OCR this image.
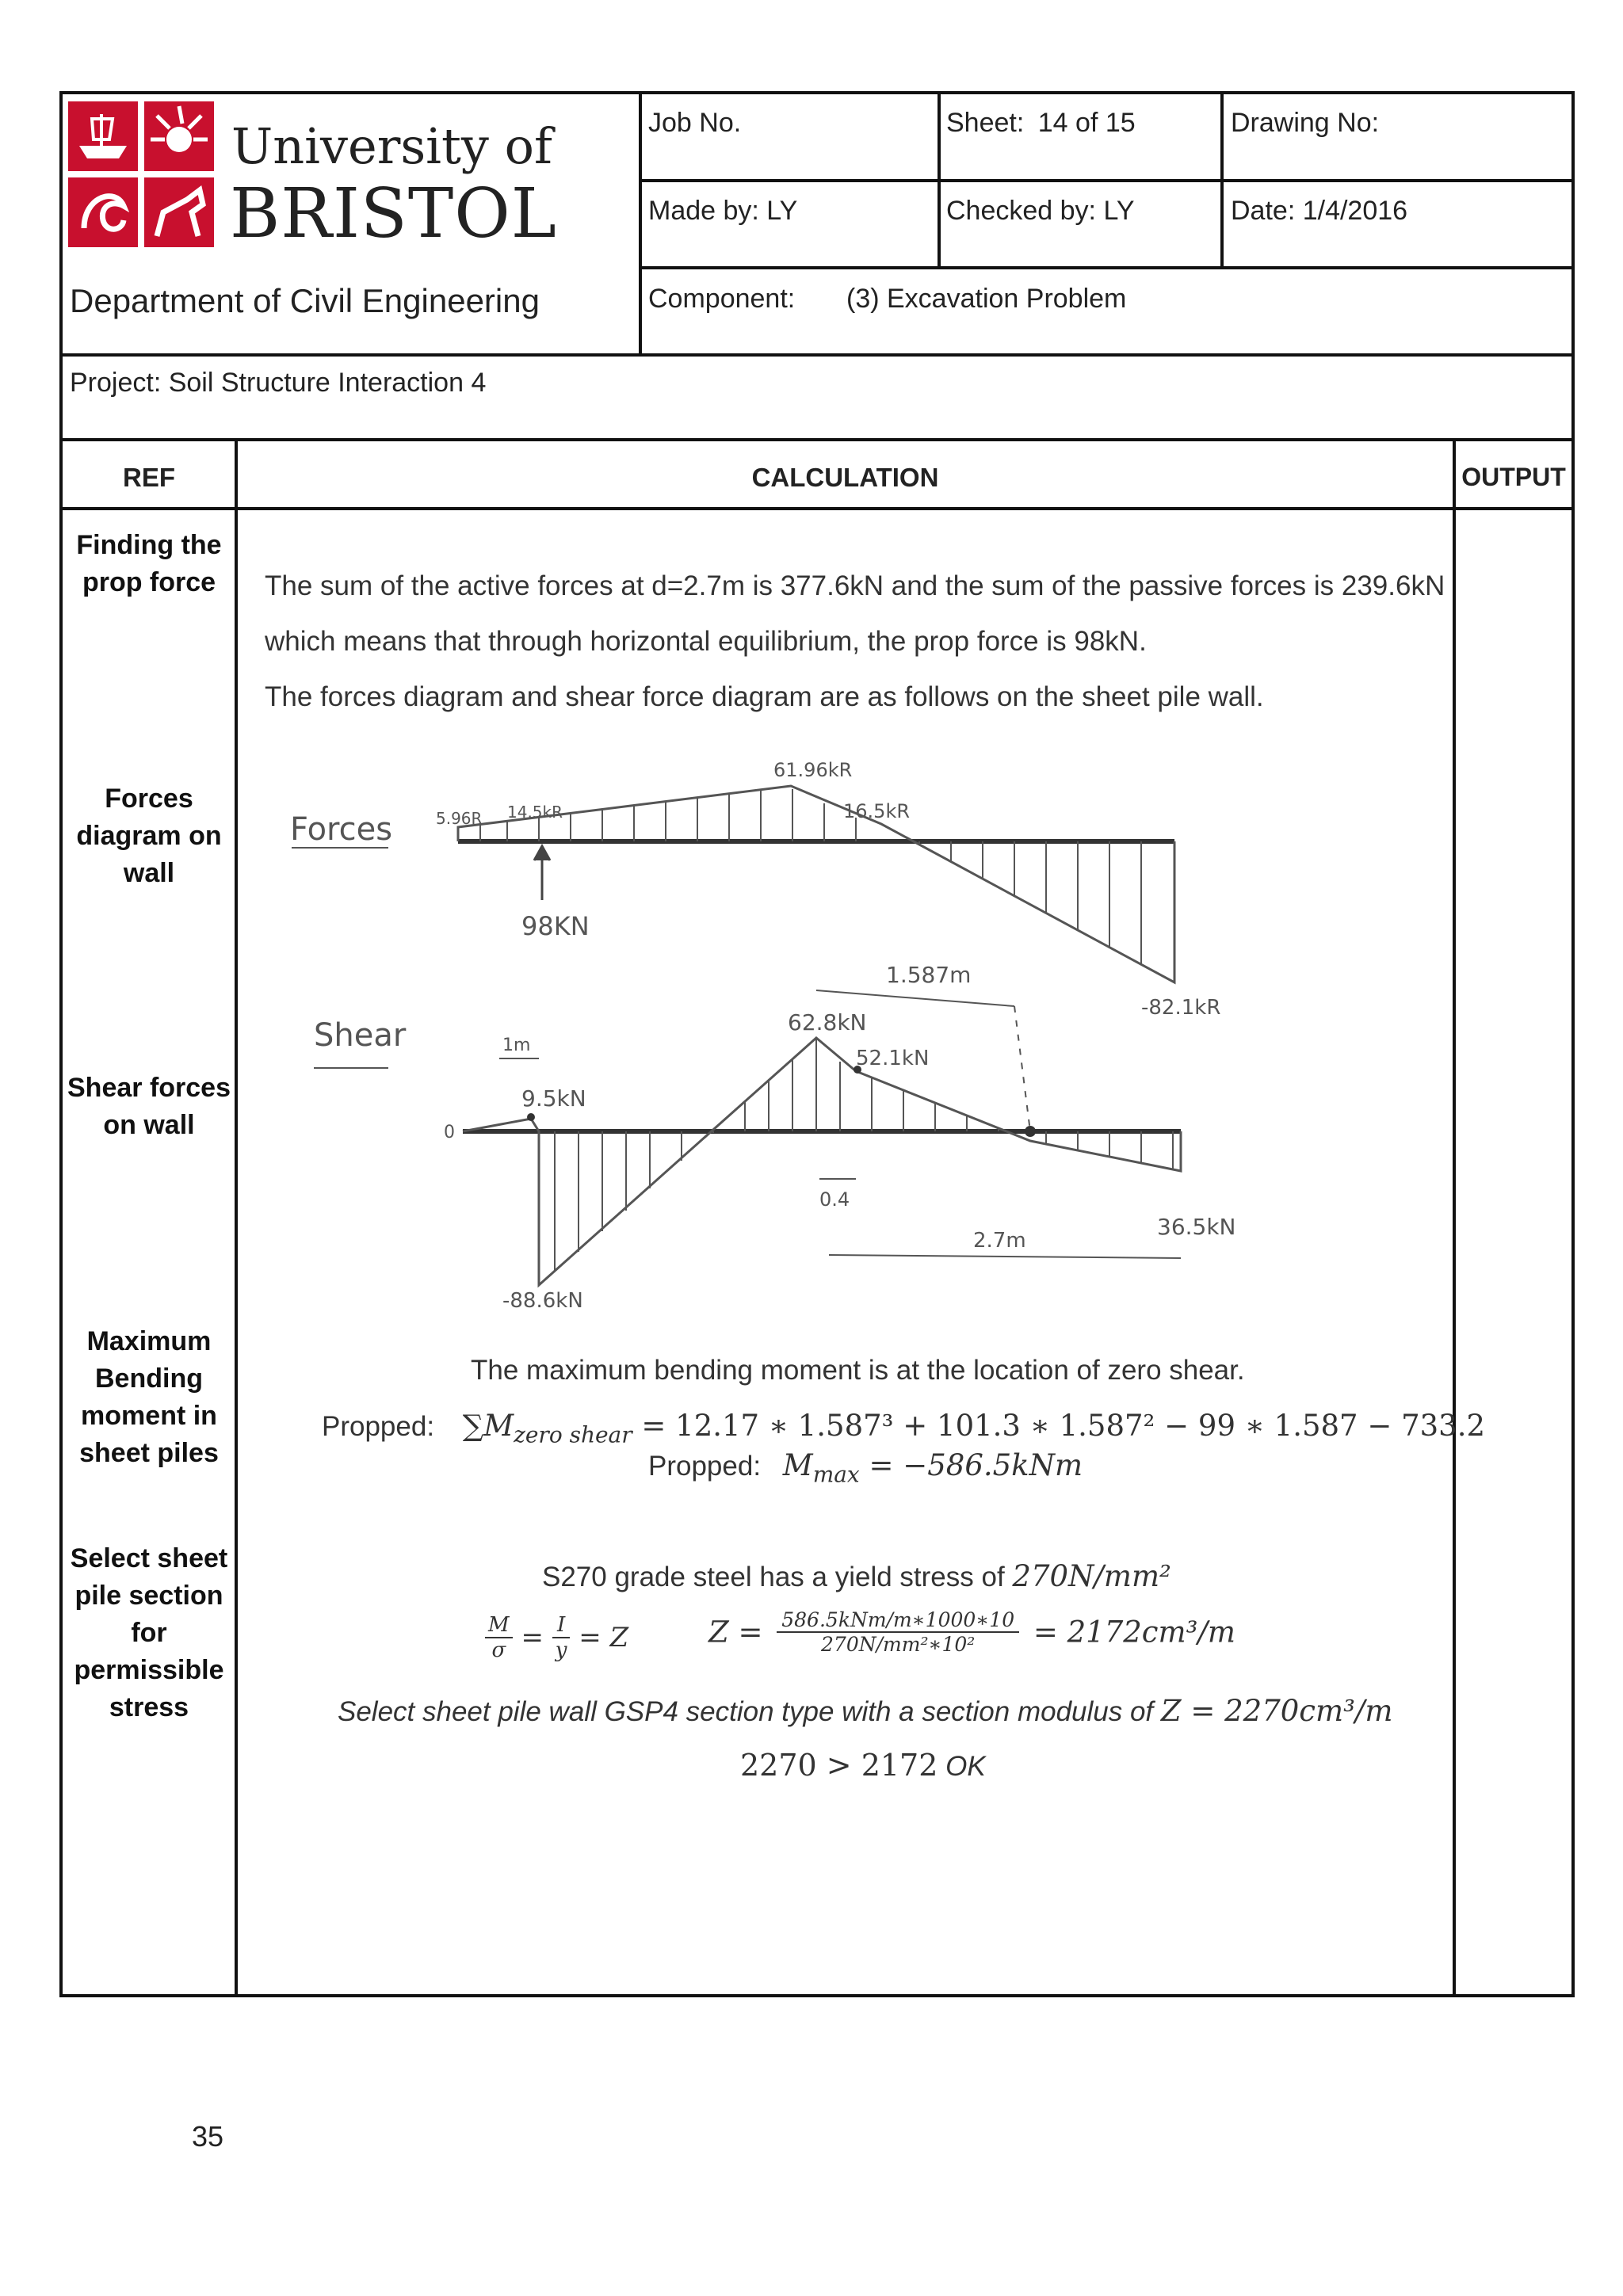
University of
BRISTOL
Department of Civil Engineering
Job No.	Sheet: 14 of 15	Drawing No:
Made by: LY	Checked by: LY	Date: 1/4/2016
Component: (3) Excavation Problem
Project: Soil Structure Interaction 4
REF	CALCULATION	OUTPUT
Finding the prop force
Forces diagram on wall
Shear forces on wall
Maximum Bending moment in sheet piles
Select sheet pile section for permissible stress
The sum of the active forces at d=2.7m is 377.6kN and the sum of the passive forces is 239.6kN
which means that through horizontal equilibrium, the prop force is 98kN.
The forces diagram and shear force diagram are as follows on the sheet pile wall.
Forces
61.96kR
5.96R 14.5kR	16.5kR
98KN
-82.1kR
Shear	1m
9.5kN
0
-88.6kN
62.8kN
52.1kN
1.587m
0.4
2.7m
36.5kN
The maximum bending moment is at the location of zero shear.
Propped: $\sum M_{zero shear} = 12.17$ ∗ 1.587³ + 101.3 ∗ 1.587² − 99 ∗ 1.587 − 733.2
Propped: $M_{max} = -586.5kNm$
S270 grade steel has a yield stress of 270N/mm²
$\frac{M}{\sigma} = \frac{I}{y} = Z$	Z = 586.5kNm/m∗1000∗10
270N/mm²∗10²	= 2172cm³/m
Select sheet pile wall GSP4 section type with a section modulus of Z = 2270cm³/m
2270 > 2172 OK
35
